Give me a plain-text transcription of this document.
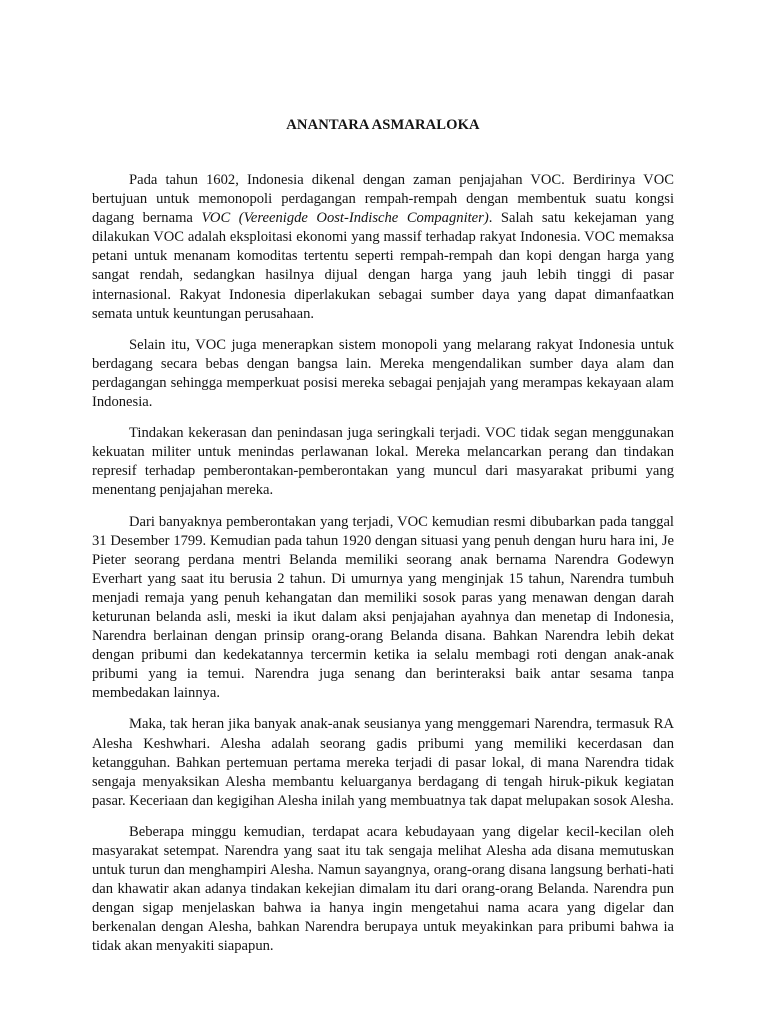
ANANTARA ASMARALOKA

Pada tahun 1602, Indonesia dikenal dengan zaman penjajahan VOC. Berdirinya VOC bertujuan untuk memonopoli perdagangan rempah-rempah dengan membentuk suatu kongsi dagang bernama VOC (Vereenigde Oost-Indische Compagniter). Salah satu kekejaman yang dilakukan VOC adalah eksploitasi ekonomi yang massif terhadap rakyat Indonesia. VOC memaksa petani untuk menanam komoditas tertentu seperti rempah-rempah dan kopi dengan harga yang sangat rendah, sedangkan hasilnya dijual dengan harga yang jauh lebih tinggi di pasar internasional. Rakyat Indonesia diperlakukan sebagai sumber daya yang dapat dimanfaatkan semata untuk keuntungan perusahaan.

Selain itu, VOC juga menerapkan sistem monopoli yang melarang rakyat Indonesia untuk berdagang secara bebas dengan bangsa lain. Mereka mengendalikan sumber daya alam dan perdagangan sehingga memperkuat posisi mereka sebagai penjajah yang merampas kekayaan alam Indonesia.

Tindakan kekerasan dan penindasan juga seringkali terjadi. VOC tidak segan menggunakan kekuatan militer untuk menindas perlawanan lokal. Mereka melancarkan perang dan tindakan represif terhadap pemberontakan-pemberontakan yang muncul dari masyarakat pribumi yang menentang penjajahan mereka.

Dari banyaknya pemberontakan yang terjadi, VOC kemudian resmi dibubarkan pada tanggal 31 Desember 1799. Kemudian pada tahun 1920 dengan situasi yang penuh dengan huru hara ini, Je Pieter seorang perdana mentri Belanda memiliki seorang anak bernama Narendra Godewyn Everhart yang saat itu berusia 2 tahun. Di umurnya yang menginjak 15 tahun, Narendra tumbuh menjadi remaja yang penuh kehangatan dan memiliki sosok paras yang menawan dengan darah keturunan belanda asli, meski ia ikut dalam aksi penjajahan ayahnya dan menetap di Indonesia, Narendra berlainan dengan prinsip orang-orang Belanda disana. Bahkan Narendra lebih dekat dengan pribumi dan kedekatannya tercermin ketika ia selalu membagi roti dengan anak-anak pribumi yang ia temui. Narendra juga senang dan berinteraksi baik antar sesama tanpa membedakan lainnya.

Maka, tak heran jika banyak anak-anak seusianya yang menggemari Narendra, termasuk RA Alesha Keshwhari. Alesha adalah seorang gadis pribumi yang memiliki kecerdasan dan ketangguhan. Bahkan pertemuan pertama mereka terjadi di pasar lokal, di mana Narendra tidak sengaja menyaksikan Alesha membantu keluarganya berdagang di tengah hiruk-pikuk kegiatan pasar. Keceriaan dan kegigihan Alesha inilah yang membuatnya tak dapat melupakan sosok Alesha.

Beberapa minggu kemudian, terdapat acara kebudayaan yang digelar kecil-kecilan oleh masyarakat setempat. Narendra yang saat itu tak sengaja melihat Alesha ada disana memutuskan untuk turun dan menghampiri Alesha. Namun sayangnya, orang-orang disana langsung berhati-hati dan khawatir akan adanya tindakan kekejian dimalam itu dari orang-orang Belanda. Narendra pun dengan sigap menjelaskan bahwa ia hanya ingin mengetahui nama acara yang digelar dan berkenalan dengan Alesha, bahkan Narendra berupaya untuk meyakinkan para pribumi bahwa ia tidak akan menyakiti siapapun.
